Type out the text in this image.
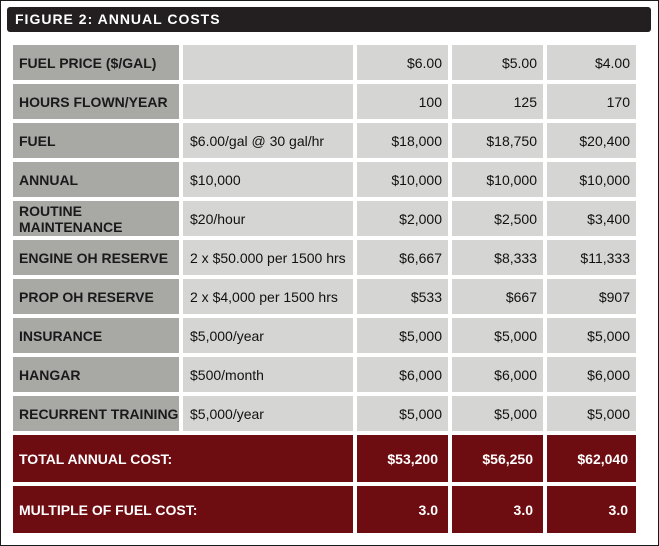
FIGURE 2: ANNUAL COSTS
FUEL PRICE ($/GAL)		$6.00	$5.00	$4.00
HOURS FLOWN/YEAR		100	125	170
FUEL	$6.00/gal @ 30 gal/hr	$18,000	$18,750	$20,400
ANNUAL	$10,000	$10,000	$10,000	$10,000
ROUTINE MAINTENANCE	$20/hour	$2,000	$2,500	$3,400
ENGINE OH RESERVE	2 x $50.000 per 1500 hrs	$6,667	$8,333	$11,333
PROP OH RESERVE	2 x $4,000 per 1500 hrs	$533	$667	$907
INSURANCE	$5,000/year	$5,000	$5,000	$5,000
HANGAR	$500/month	$6,000	$6,000	$6,000
RECURRENT TRAINING	$5,000/year	$5,000	$5,000	$5,000
TOTAL ANNUAL COST:		$53,200	$56,250	$62,040
MULTIPLE OF FUEL COST:		3.0	3.0	3.0
